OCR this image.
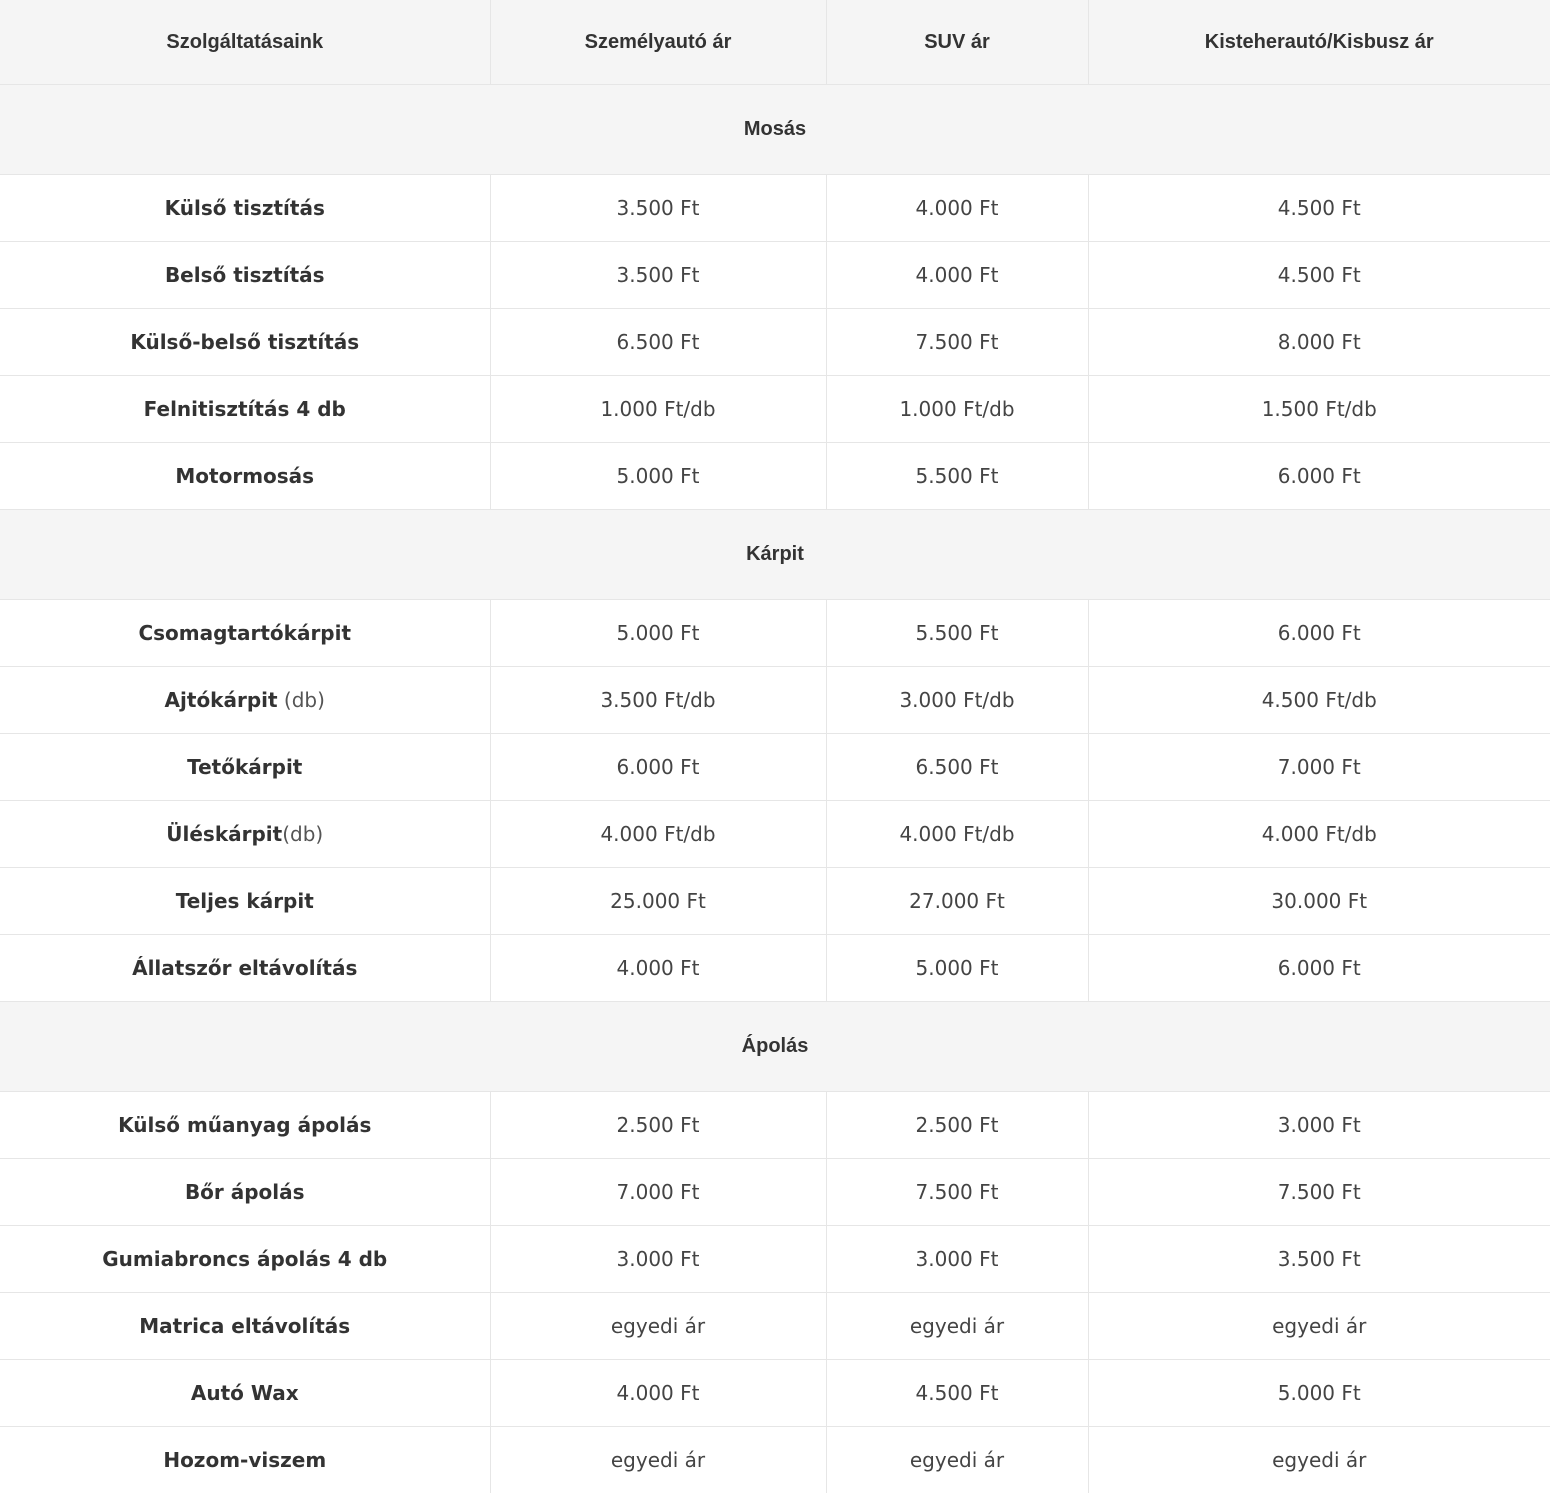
Szolgáltatásaink	Személyautó ár	SUV ár	Kisteherautó/Kisbusz ár
Mosás			
Külső tisztítás	3.500 Ft	4.000 Ft	4.500 Ft
Belső tisztítás	3.500 Ft	4.000 Ft	4.500 Ft
Külső-belső tisztítás	6.500 Ft	7.500 Ft	8.000 Ft
Felnitisztítás 4 db	1.000 Ft/db	1.000 Ft/db	1.500 Ft/db
Motormosás	5.000 Ft	5.500 Ft	6.000 Ft
Kárpit			
Csomagtartókárpit	5.000 Ft	5.500 Ft	6.000 Ft
Ajtókárpit (db)	3.500 Ft/db	3.000 Ft/db	4.500 Ft/db
Tetőkárpit	6.000 Ft	6.500 Ft	7.000 Ft
Üléskárpit(db)	4.000 Ft/db	4.000 Ft/db	4.000 Ft/db
Teljes kárpit	25.000 Ft	27.000 Ft	30.000 Ft
Állatszőr eltávolítás	4.000 Ft	5.000 Ft	6.000 Ft
Ápolás			
Külső műanyag ápolás	2.500 Ft	2.500 Ft	3.000 Ft
Bőr ápolás	7.000 Ft	7.500 Ft	7.500 Ft
Gumiabroncs ápolás 4 db	3.000 Ft	3.000 Ft	3.500 Ft
Matrica eltávolítás	egyedi ár	egyedi ár	egyedi ár
Autó Wax	4.000 Ft	4.500 Ft	5.000 Ft
Hozom-viszem	egyedi ár	egyedi ár	egyedi ár
